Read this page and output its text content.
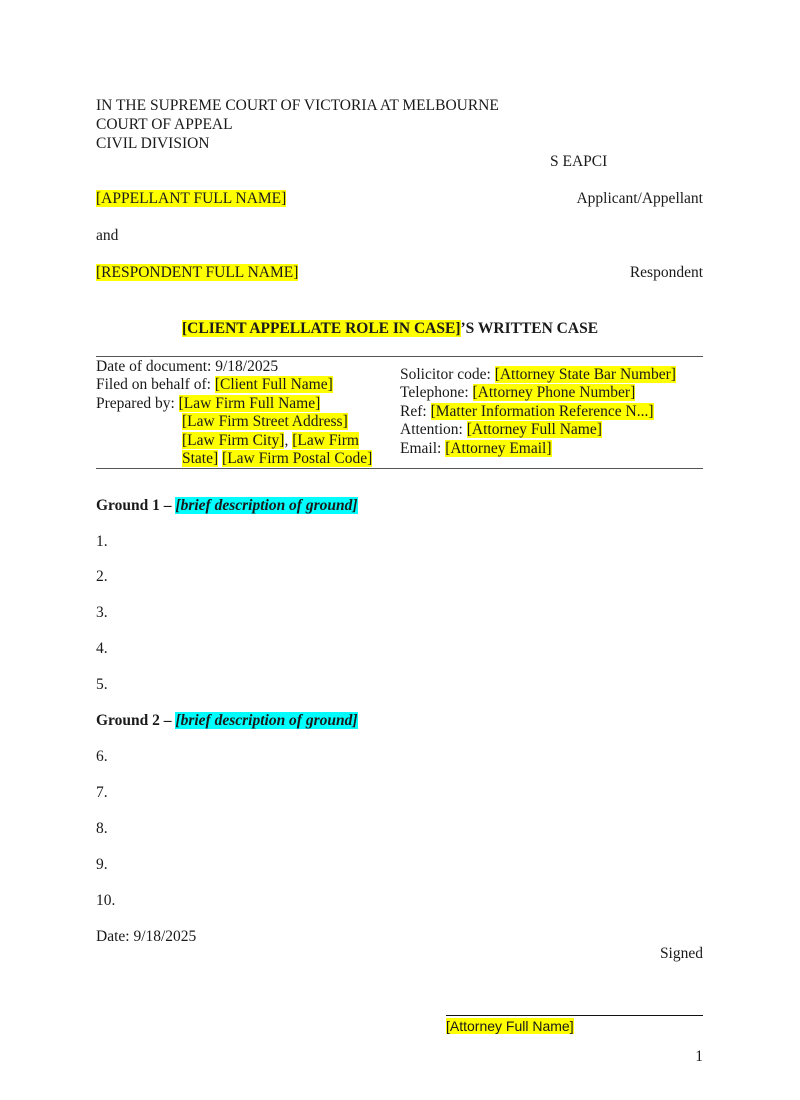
IN THE SUPREME COURT OF VICTORIA AT MELBOURNE
COURT OF APPEAL
CIVIL DIVISION
S EAPCI
[APPELLANT FULL NAME]	Applicant/Appellant
and
[RESPONDENT FULL NAME]	Respondent
[CLIENT APPELLATE ROLE IN CASE]’S WRITTEN CASE
Date of document: 9/18/2025
Filed on behalf of: [Client Full Name]
Prepared by: [Law Firm Full Name]
[Law Firm Street Address]
[Law Firm City], [Law Firm
State] [Law Firm Postal Code]
Solicitor code: [Attorney State Bar Number]
Telephone: [Attorney Phone Number]
Ref: [Matter Information Reference N...]
Attention: [Attorney Full Name]
Email: [Attorney Email]
Ground 1 – [brief description of ground]
1.
2.
3.
4.
5.
Ground 2 – [brief description of ground]
6.
7.
8.
9.
10.
Date: 9/18/2025
Signed
[Attorney Full Name]
1
